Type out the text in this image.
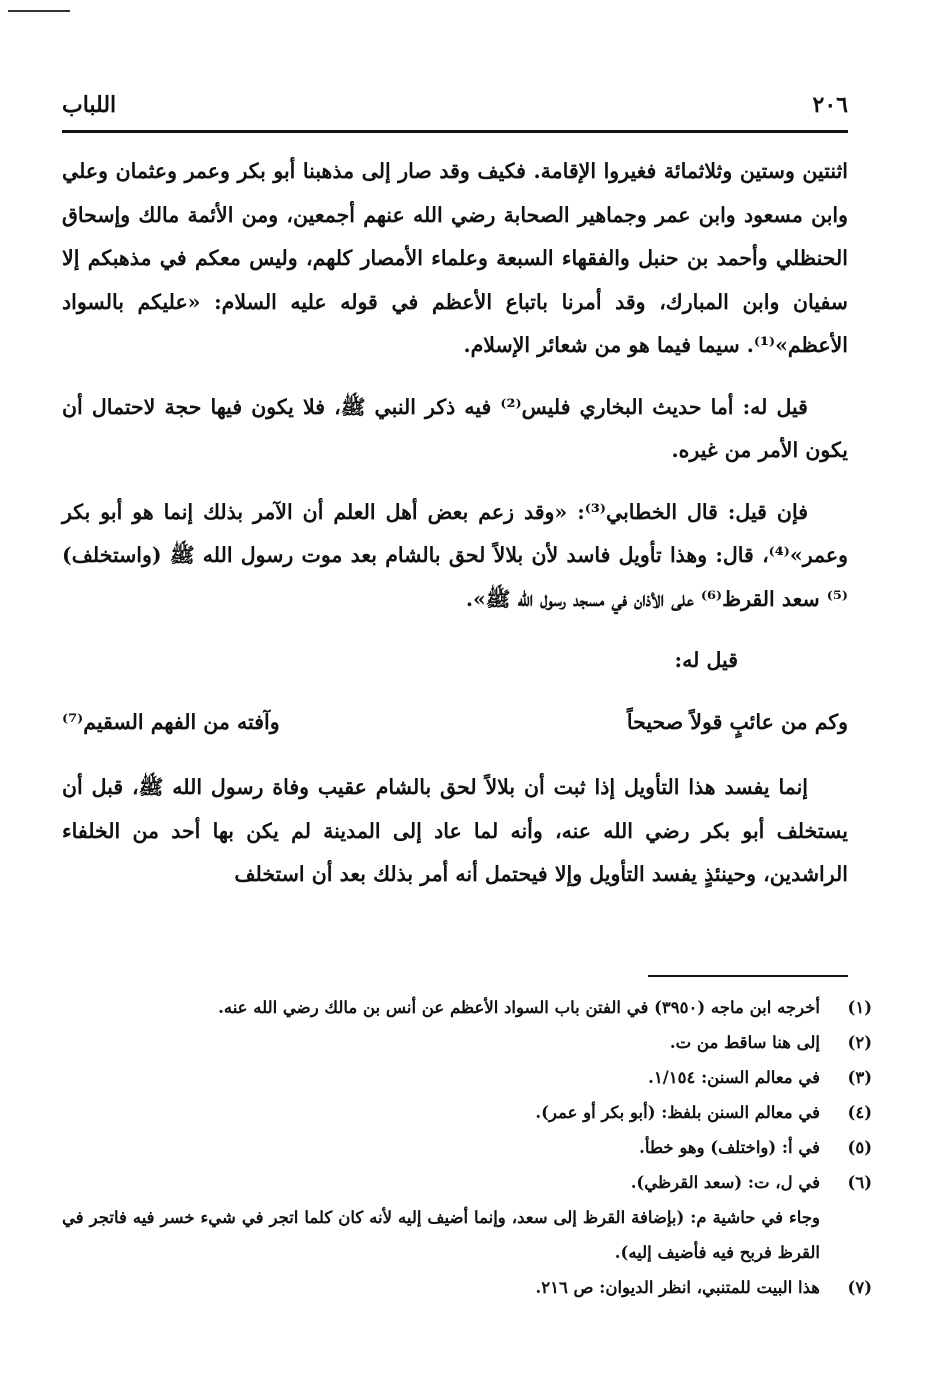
٢٠٦
اللباب

اثنتين وستين وثلاثمائة فغيروا الإقامة. فكيف وقد صار إلى مذهبنا أبو بكر وعمر وعثمان وعلي وابن مسعود وابن عمر وجماهير الصحابة رضي الله عنهم أجمعين، ومن الأئمة مالك وإسحاق الحنظلي وأحمد بن حنبل والفقهاء السبعة وعلماء الأمصار كلهم، وليس معكم في مذهبكم إلا سفيان وابن المبارك، وقد أمرنا باتباع الأعظم في قوله عليه السلام: «عليكم بالسواد الأعظم»⁽¹⁾. سيما فيما هو من شعائر الإسلام.

قيل له: أما حديث البخاري فليس⁽²⁾ فيه ذكر النبي ﷺ، فلا يكون فيها حجة لاحتمال أن يكون الأمر من غيره.

فإن قيل: قال الخطابي⁽³⁾: «وقد زعم بعض أهل العلم أن الآمر بذلك إنما هو أبو بكر وعمر»⁽⁴⁾، قال: وهذا تأويل فاسد لأن بلالاً لحق بالشام بعد موت رسول الله ﷺ (واستخلف)⁽⁵⁾ سعد القرظ⁽⁶⁾ على الأذان في مسجد رسول الله ﷺ».

قيل له:

وكم من عائبٍ قولاً صحيحاً
وآفته من الفهم السقيم⁽⁷⁾

إنما يفسد هذا التأويل إذا ثبت أن بلالاً لحق بالشام عقيب وفاة رسول الله ﷺ، قبل أن يستخلف أبو بكر رضي الله عنه، وأنه لما عاد إلى المدينة لم يكن بها أحد من الخلفاء الراشدين، وحينئذٍ يفسد التأويل وإلا فيحتمل أنه أمر بذلك بعد أن استخلف

(١)
أخرجه ابن ماجه (٣٩٥٠) في الفتن باب السواد الأعظم عن أنس بن مالك رضي الله عنه.
(٢)
إلى هنا ساقط من ت.
(٣)
في معالم السنن: ١/١٥٤.
(٤)
في معالم السنن بلفظ: (أبو بكر أو عمر).
(٥)
في أ: (واختلف) وهو خطأ.
(٦)
في ل، ت: (سعد القرظي).

وجاء في حاشية م: (بإضافة القرظ إلى سعد، وإنما أضيف إليه لأنه كان كلما اتجر في شيء خسر فيه فاتجر في القرظ فربح فيه فأضيف إليه).

(٧)
هذا البيت للمتنبي، انظر الديوان: ص ٢١٦.
